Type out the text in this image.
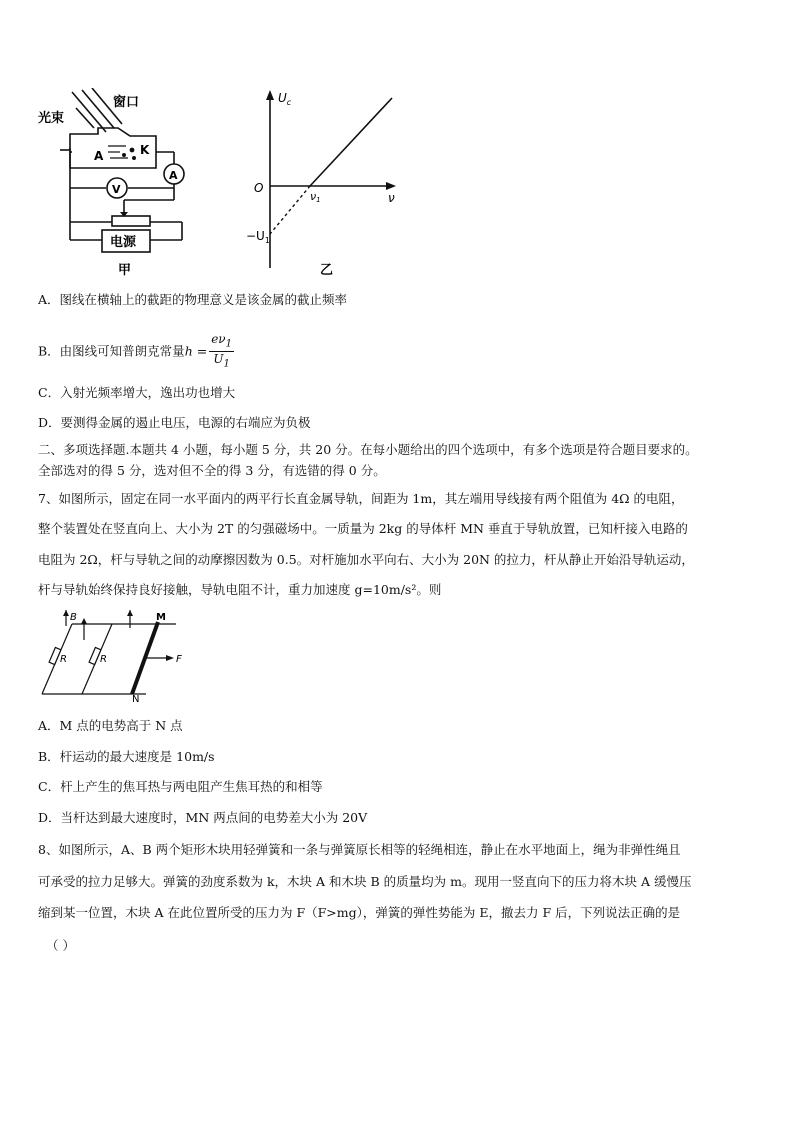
光束
窗口
A	K
V
A
电源
甲
$U_c$
ν
O
ν1
$-U_1$
乙
A．图线在横轴上的截距的物理意义是该金属的截止频率
B．由图线可知普朗克常量$h = \frac{e\nu_1}{U_1}$
C．入射光频率增大，逸出功也增大
D．要测得金属的遏止电压，电源的右端应为负极
二、多项选择题.本题共 4 小题，每小题 5 分，共 20 分。在每小题给出的四个选项中，有多个选项是符合题目要求的。
全部选对的得 5 分，选对但不全的得 3 分，有选错的得 0 分。
7、如图所示，固定在同一水平面内的两平行长直金属导轨，间距为 1m，其左端用导线接有两个阻值为 4Ω 的电阻，
整个装置处在竖直向上、大小为 2T 的匀强磁场中。一质量为 2kg 的导体杆 MN 垂直于导轨放置，已知杆接入电路的
电阻为 2Ω，杆与导轨之间的动摩擦因数为 0.5。对杆施加水平向右、大小为 20N 的拉力，杆从静止开始沿导轨运动，
杆与导轨始终保持良好接触，导轨电阻不计，重力加速度 g=10m/s²。则
B
R	R
M
N
F
A．M 点的电势高于 N 点
B．杆运动的最大速度是 10m/s
C．杆上产生的焦耳热与两电阻产生焦耳热的和相等
D．当杆达到最大速度时，MN 两点间的电势差大小为 20V
8、如图所示，A、B 两个矩形木块用轻弹簧和一条与弹簧原长相等的轻绳相连，静止在水平地面上，绳为非弹性绳且
可承受的拉力足够大。弹簧的劲度系数为 k，木块 A 和木块 B 的质量均为 m。现用一竖直向下的压力将木块 A 缓慢压
缩到某一位置，木块 A 在此位置所受的压力为 F（F>mg），弹簧的弹性势能为 E，撤去力 F 后，下列说法正确的是
（ ）
